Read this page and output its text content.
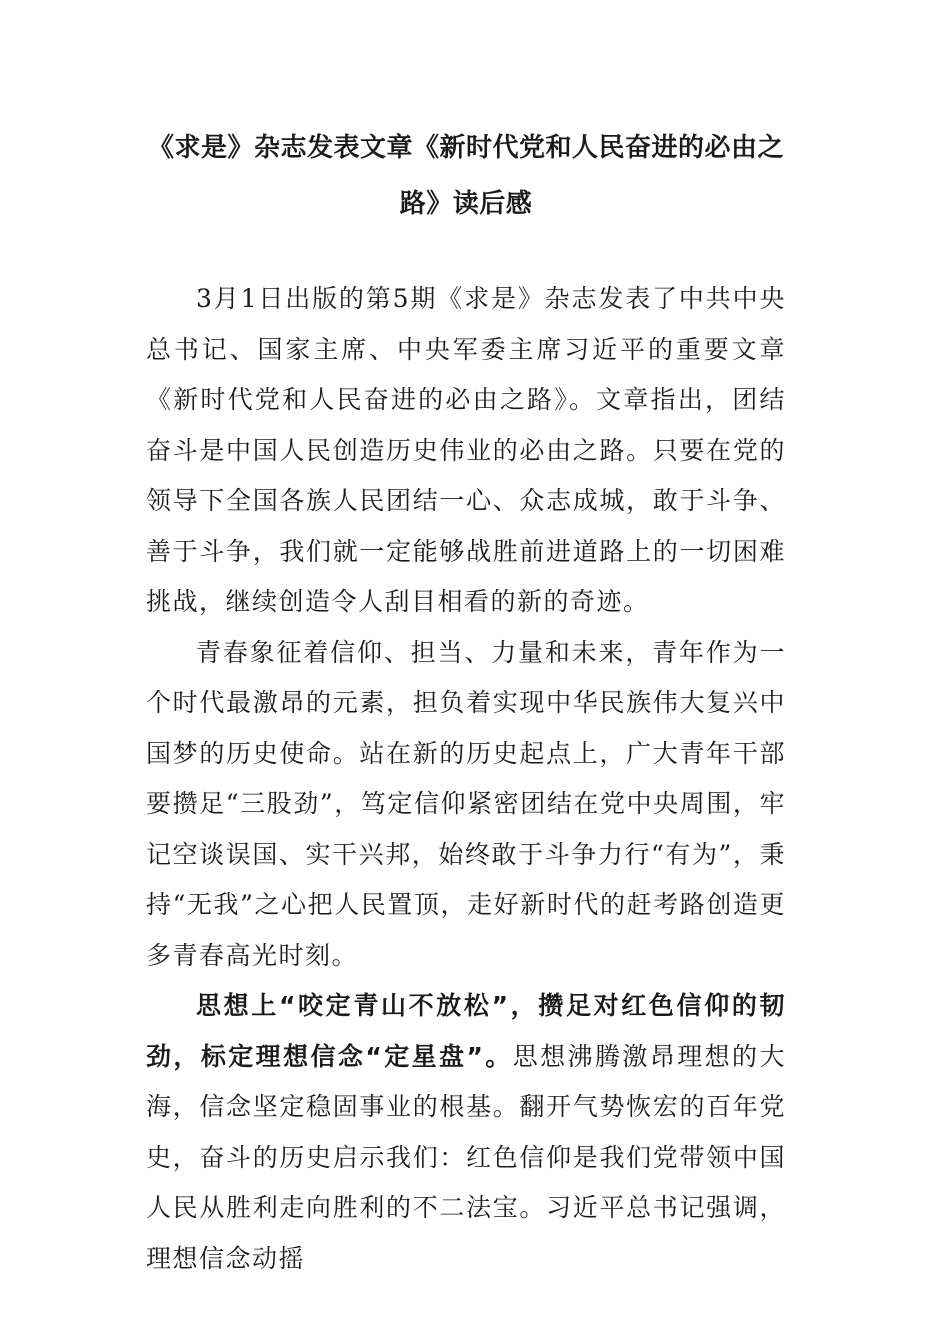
《求是》杂志发表文章《新时代党和人民奋进的必由之路》读后感

3月1日出版的第5期《求是》杂志发表了中共中央总书记、国家主席、中央军委主席习近平的重要文章《新时代党和人民奋进的必由之路》。文章指出，团结奋斗是中国人民创造历史伟业的必由之路。只要在党的领导下全国各族人民团结一心、众志成城，敢于斗争、善于斗争，我们就一定能够战胜前进道路上的一切困难挑战，继续创造令人刮目相看的新的奇迹。

青春象征着信仰、担当、力量和未来，青年作为一个时代最激昂的元素，担负着实现中华民族伟大复兴中国梦的历史使命。站在新的历史起点上，广大青年干部要攒足“三股劲”，笃定信仰紧密团结在党中央周围，牢记空谈误国、实干兴邦，始终敢于斗争力行“有为”，秉持“无我”之心把人民置顶，走好新时代的赶考路创造更多青春高光时刻。

思想上“咬定青山不放松”，攒足对红色信仰的韧劲，标定理想信念“定星盘”。思想沸腾激昂理想的大海，信念坚定稳固事业的根基。翻开气势恢宏的百年党史，奋斗的历史启示我们：红色信仰是我们党带领中国人民从胜利走向胜利的不二法宝。习近平总书记强调，理想信念动摇
